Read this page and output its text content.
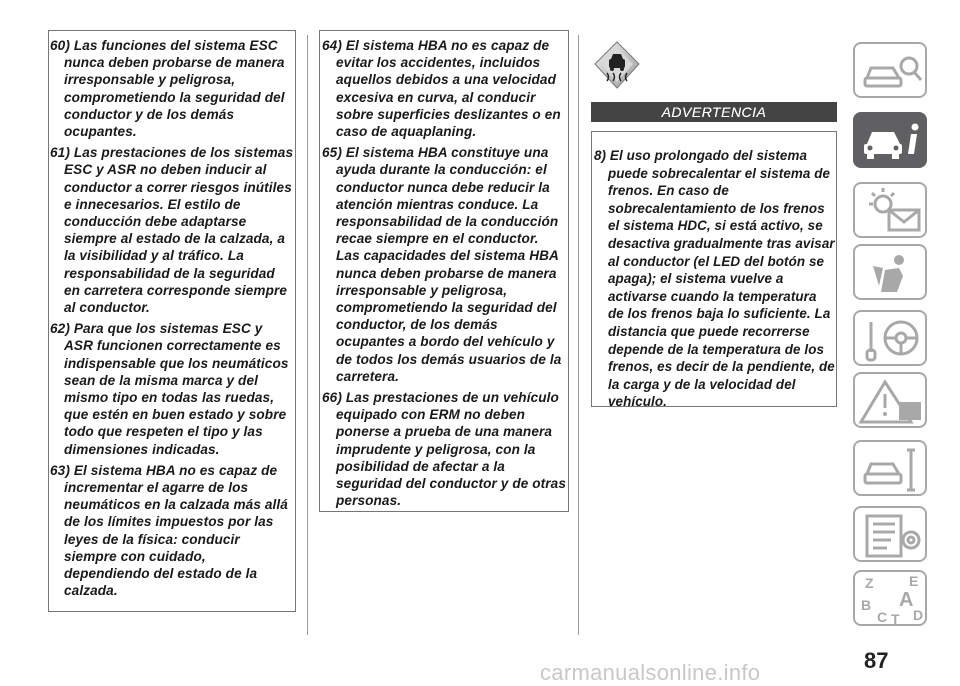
60) Las funciones del sistema ESC nunca deben probarse de manera irresponsable y peligrosa, comprometiendo la seguridad del conductor y de los demás ocupantes.

61) Las prestaciones de los sistemas ESC y ASR no deben inducir al conductor a correr riesgos inútiles e innecesarios. El estilo de conducción debe adaptarse siempre al estado de la calzada, a la visibilidad y al tráfico. La responsabilidad de la seguridad en carretera corresponde siempre al conductor.

62) Para que los sistemas ESC y ASR funcionen correctamente es indispensable que los neumáticos sean de la misma marca y del mismo tipo en todas las ruedas, que estén en buen estado y sobre todo que respeten el tipo y las dimensiones indicadas.

63) El sistema HBA no es capaz de incrementar el agarre de los neumáticos en la calzada más allá de los límites impuestos por las leyes de la física: conducir siempre con cuidado, dependiendo del estado de la calzada.

64) El sistema HBA no es capaz de evitar los accidentes, incluidos aquellos debidos a una velocidad excesiva en curva, al conducir sobre superficies deslizantes o en caso de aquaplaning.

65) El sistema HBA constituye una ayuda durante la conducción: el conductor nunca debe reducir la atención mientras conduce. La responsabilidad de la conducción recae siempre en el conductor. Las capacidades del sistema HBA nunca deben probarse de manera irresponsable y peligrosa, comprometiendo la seguridad del conductor, de los demás ocupantes a bordo del vehículo y de todos los demás usuarios de la carretera.

66) Las prestaciones de un vehículo equipado con ERM no deben ponerse a prueba de una manera imprudente y peligrosa, con la posibilidad de afectar a la seguridad del conductor y de otras personas.

ADVERTENCIA

8) El uso prolongado del sistema puede sobrecalentar el sistema de frenos. En caso de sobrecalentamiento de los frenos el sistema HDC, si está activo, se desactiva gradualmente tras avisar al conductor (el LED del botón se apaga); el sistema vuelve a activarse cuando la temperatura de los frenos baja lo suficiente. La distancia que puede recorrerse depende de la temperatura de los frenos, es decir de la pendiente, de la carga y de la velocidad del vehículo.

Z	E
B A
C T D
87
carmanualsonline.info
